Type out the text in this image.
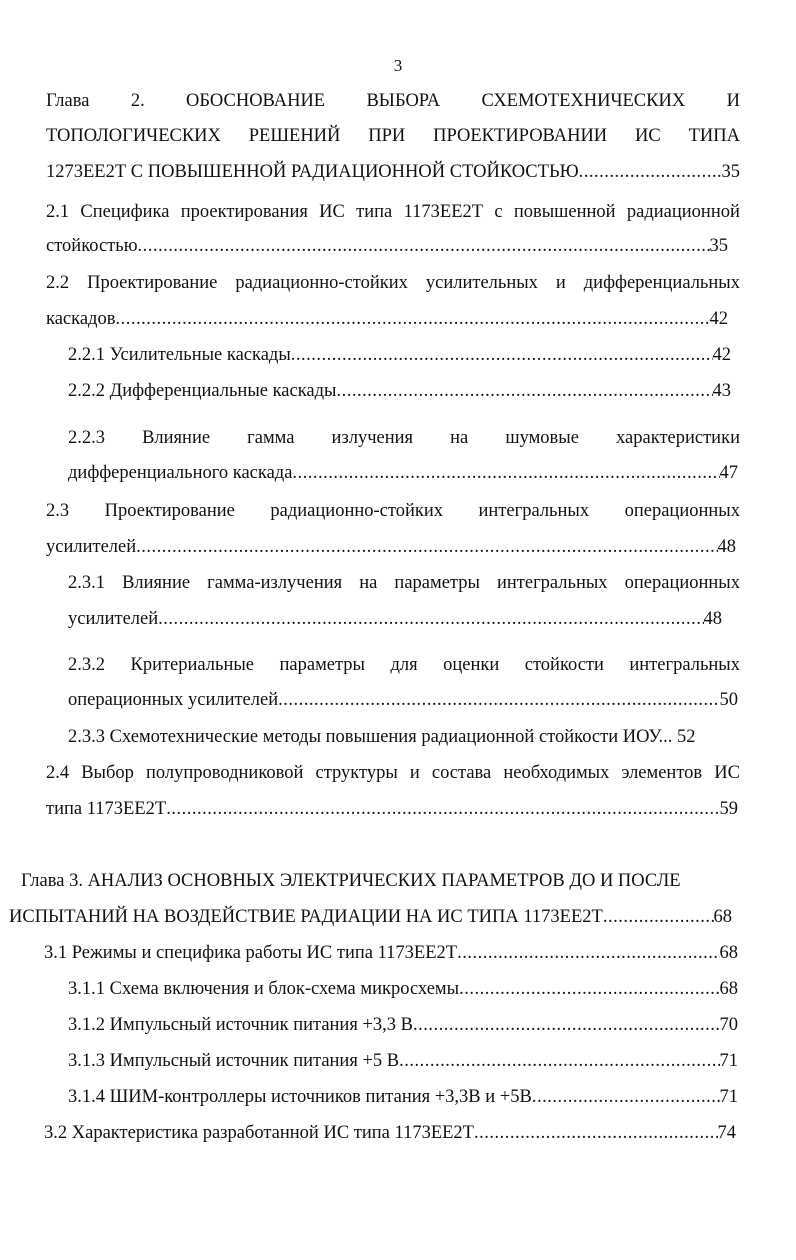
3
Глава 2. ОБОСНОВАНИЕ ВЫБОРА СХЕМОТЕХНИЧЕСКИХ И
ТОПОЛОГИЧЕСКИХ РЕШЕНИЙ ПРИ ПРОЕКТИРОВАНИИ ИС ТИПА
1273ЕЕ2Т С ПОВЫШЕННОЙ РАДИАЦИОННОЙ СТОЙКОСТЬЮ .....	35
2.1 Специфика проектирования ИС типа 1173ЕЕ2Т с повышенной радиационной
стойкостью .....	35
2.2 Проектирование радиационно-стойких усилительных и дифференциальных
каскадов .....	42
2.2.1 Усилительные каскады .....	42
2.2.2 Дифференциальные каскады .....	43
2.2.3 Влияние гамма излучения на шумовые характеристики
дифференциального каскада .....	47
2.3 Проектирование радиационно-стойких интегральных операционных
усилителей .....	48
2.3.1 Влияние гамма-излучения на параметры интегральных операционных
усилителей .....	48
2.3.2 Критериальные параметры для оценки стойкости интегральных
операционных усилителей .....	50
2.3.3 Схемотехнические методы повышения радиационной стойкости ИОУ... 52
2.4 Выбор полупроводниковой структуры и состава необходимых элементов ИС
типа 1173ЕЕ2Т .....	59
Глава 3. АНАЛИЗ ОСНОВНЫХ ЭЛЕКТРИЧЕСКИХ ПАРАМЕТРОВ ДО И ПОСЛЕ
ИСПЫТАНИЙ НА ВОЗДЕЙСТВИЕ РАДИАЦИИ НА ИС ТИПА 1173ЕЕ2Т .....	68
3.1 Режимы и специфика работы ИС типа 1173ЕЕ2Т .....	68
3.1.1 Схема включения и блок-схема микросхемы .....	68
3.1.2 Импульсный источник питания +3,3 В .....	70
3.1.3 Импульсный источник питания +5 В .....	71
3.1.4 ШИМ-контроллеры источников питания +3,3В и +5В .....	71
3.2 Характеристика разработанной ИС типа 1173ЕЕ2Т .....	74
